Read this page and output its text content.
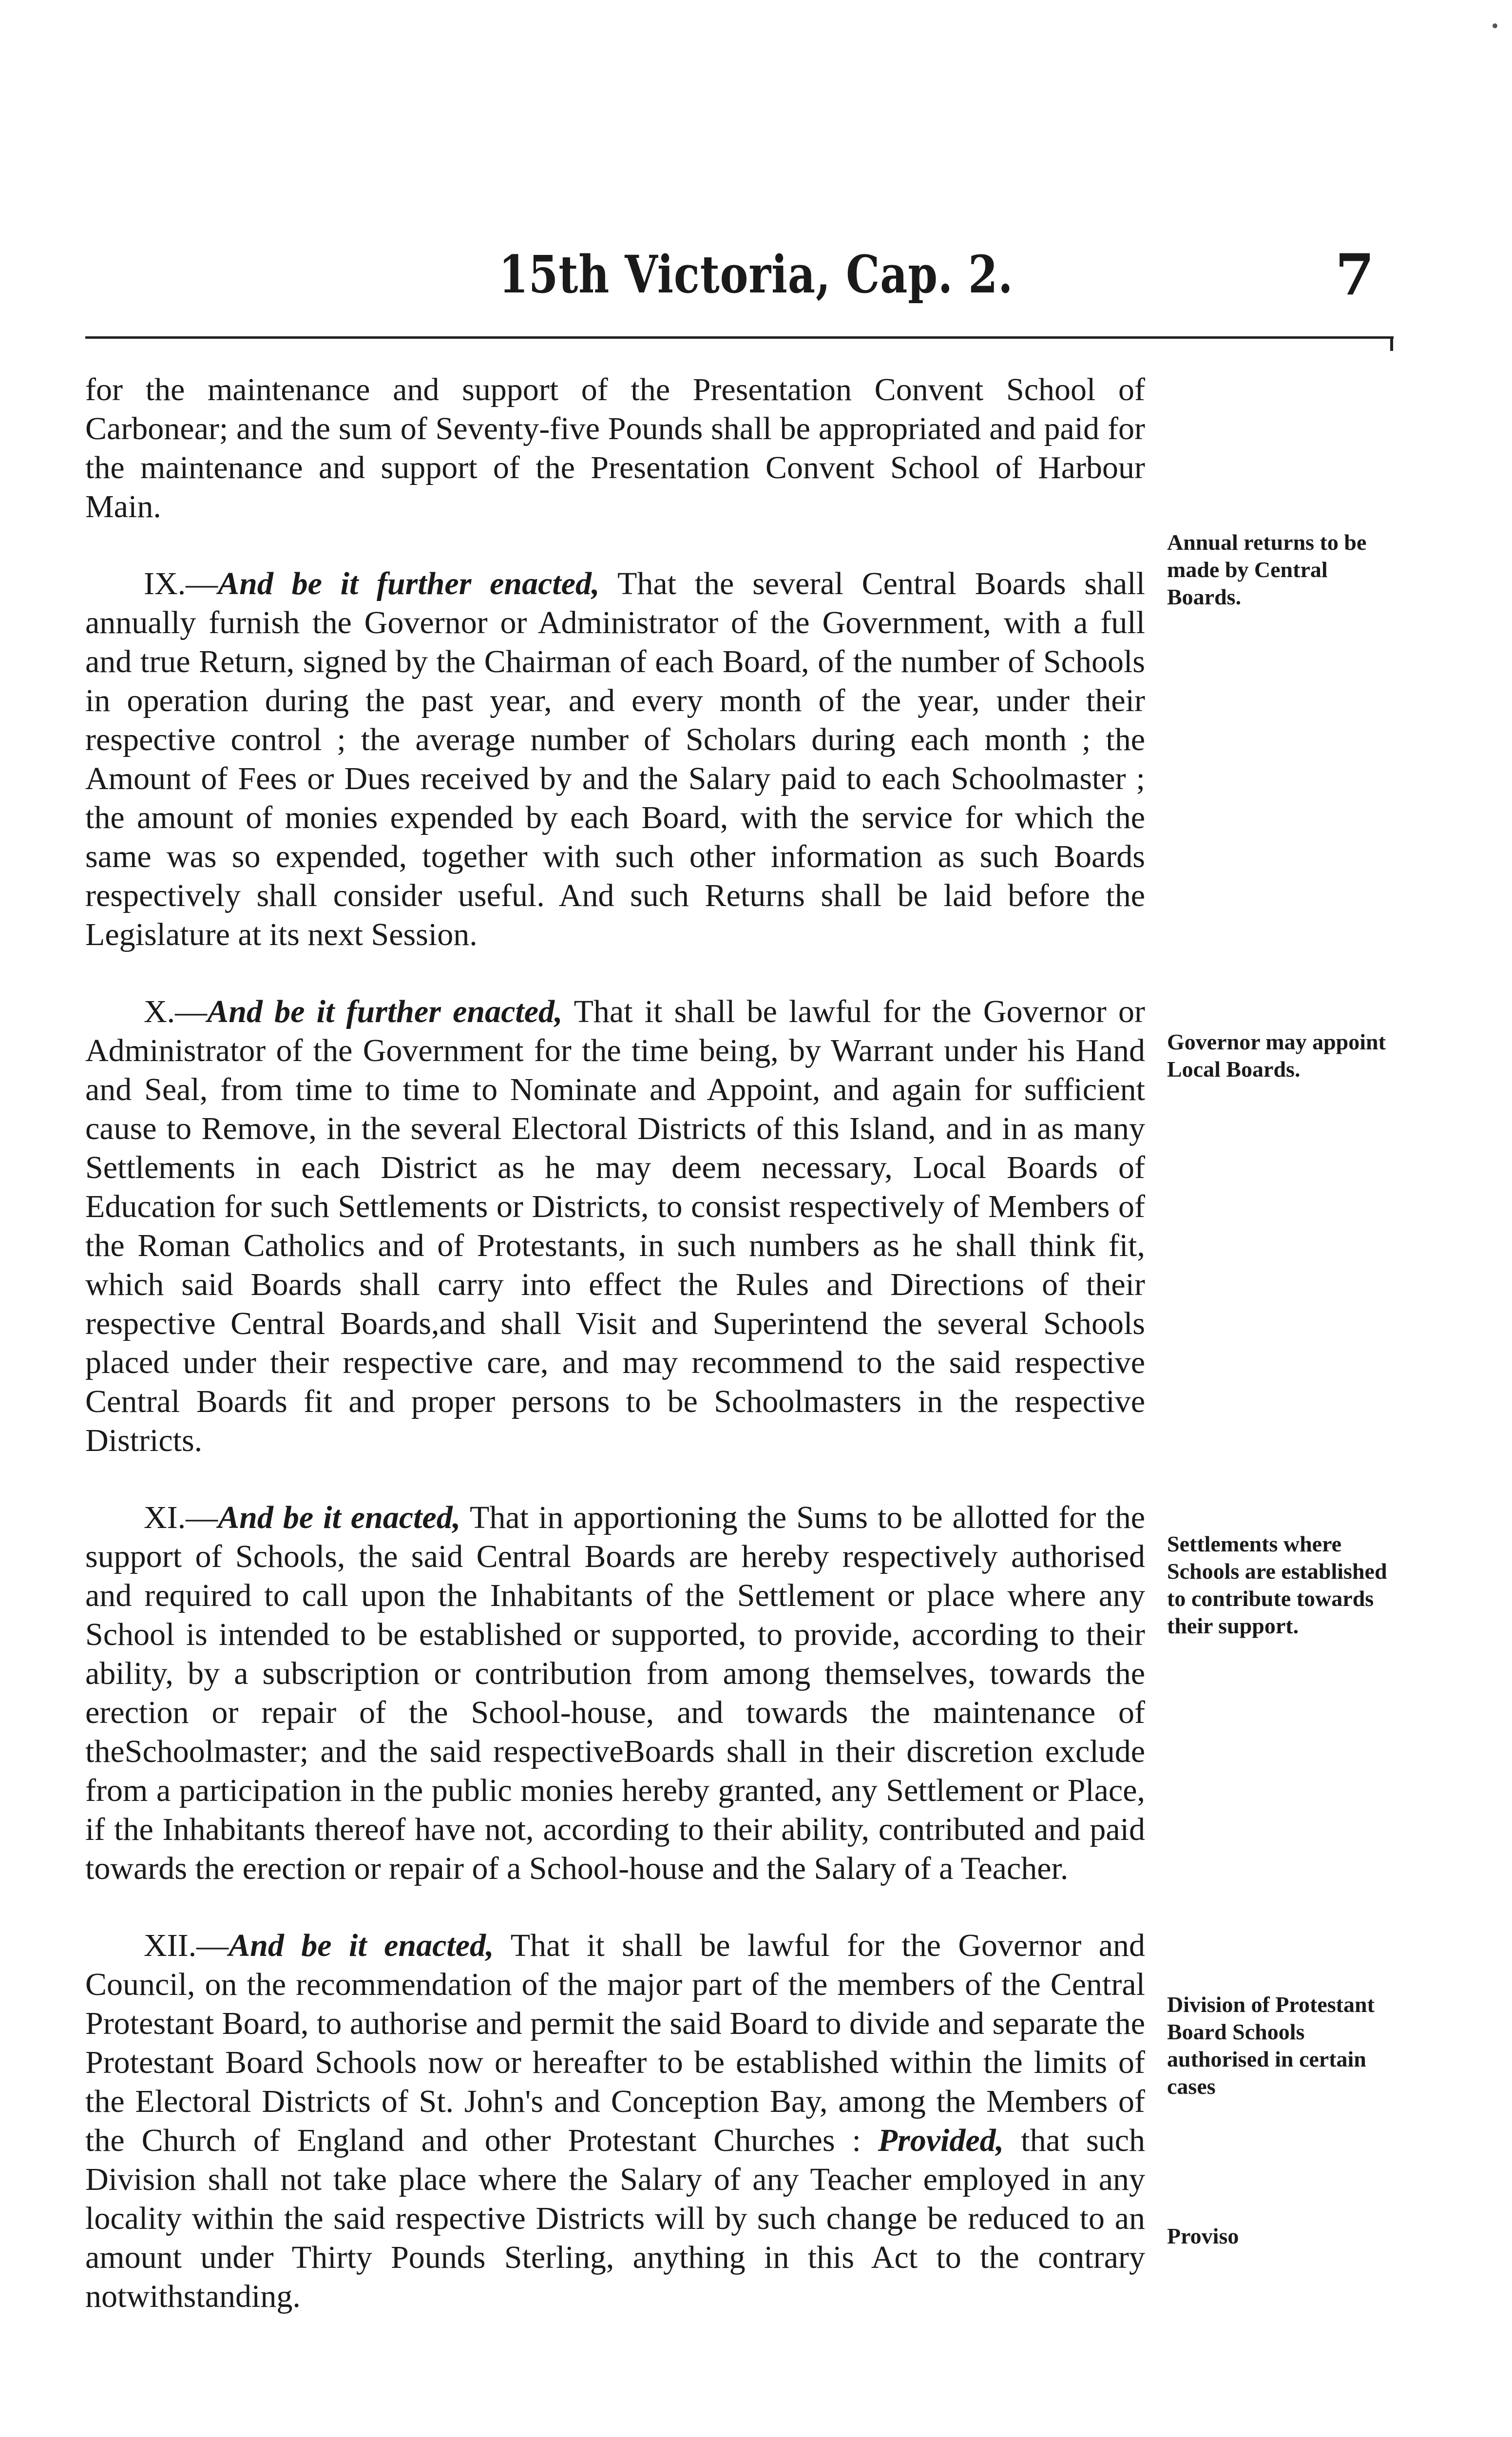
15th Victoria, Cap. 2.	7

for the maintenance and support of the Presentation Convent School of Carbonear; and the sum of Seventy-five Pounds shall be appropriated and paid for the maintenance and support of the Presentation Convent School of Harbour Main.

IX.—And be it further enacted, That the several Central Boards shall annually furnish the Governor or Administrator of the Government, with a full and true Return, signed by the Chairman of each Board, of the number of Schools in operation during the past year, and every month of the year, under their respective control ; the average number of Scholars during each month ; the Amount of Fees or Dues received by and the Salary paid to each Schoolmaster ; the amount of monies expended by each Board, with the service for which the same was so expended, together with such other information as such Boards respectively shall consider useful. And such Returns shall be laid before the Legislature at its next Session.

X.—And be it further enacted, That it shall be lawful for the Governor or Administrator of the Government for the time being, by Warrant under his Hand and Seal, from time to time to Nominate and Appoint, and again for sufficient cause to Remove, in the several Electoral Districts of this Island, and in as many Settlements in each District as he may deem necessary, Local Boards of Education for such Settlements or Districts, to consist respectively of Members of the Roman Catholics and of Protestants, in such numbers as he shall think fit, which said Boards shall carry into effect the Rules and Directions of their respective Central Boards,and shall Visit and Superintend the several Schools placed under their respective care, and may recommend to the said respective Central Boards fit and proper persons to be Schoolmasters in the respective Districts.

XI.—And be it enacted, That in apportioning the Sums to be allotted for the support of Schools, the said Central Boards are hereby respectively authorised and required to call upon the Inhabitants of the Settlement or place where any School is intended to be established or supported, to provide, according to their ability, by a subscription or contribution from among themselves, towards the erection or repair of the School-house, and towards the maintenance of theSchoolmaster; and the said respectiveBoards shall in their discretion exclude from a participation in the public monies hereby granted, any Settlement or Place, if the Inhabitants thereof have not, according to their ability, contributed and paid towards the erection or repair of a School-house and the Salary of a Teacher.

XII.—And be it enacted, That it shall be lawful for the Governor and Council, on the recommendation of the major part of the members of the Central Protestant Board, to authorise and permit the said Board to divide and separate the Protestant Board Schools now or hereafter to be established within the limits of the Electoral Districts of St. John's and Conception Bay, among the Members of the Church of England and other Protestant Churches : Provided, that such Division shall not take place where the Salary of any Teacher employed in any locality within the said respective Districts will by such change be reduced to an amount under Thirty Pounds Sterling, anything in this Act to the contrary notwithstanding.

Annual returns to be made by Central Boards.
Governor may appoint Local Boards.
Settlements where Schools are established to contribute towards their support.
Division of Protestant Board Schools authorised in certain cases
Proviso
